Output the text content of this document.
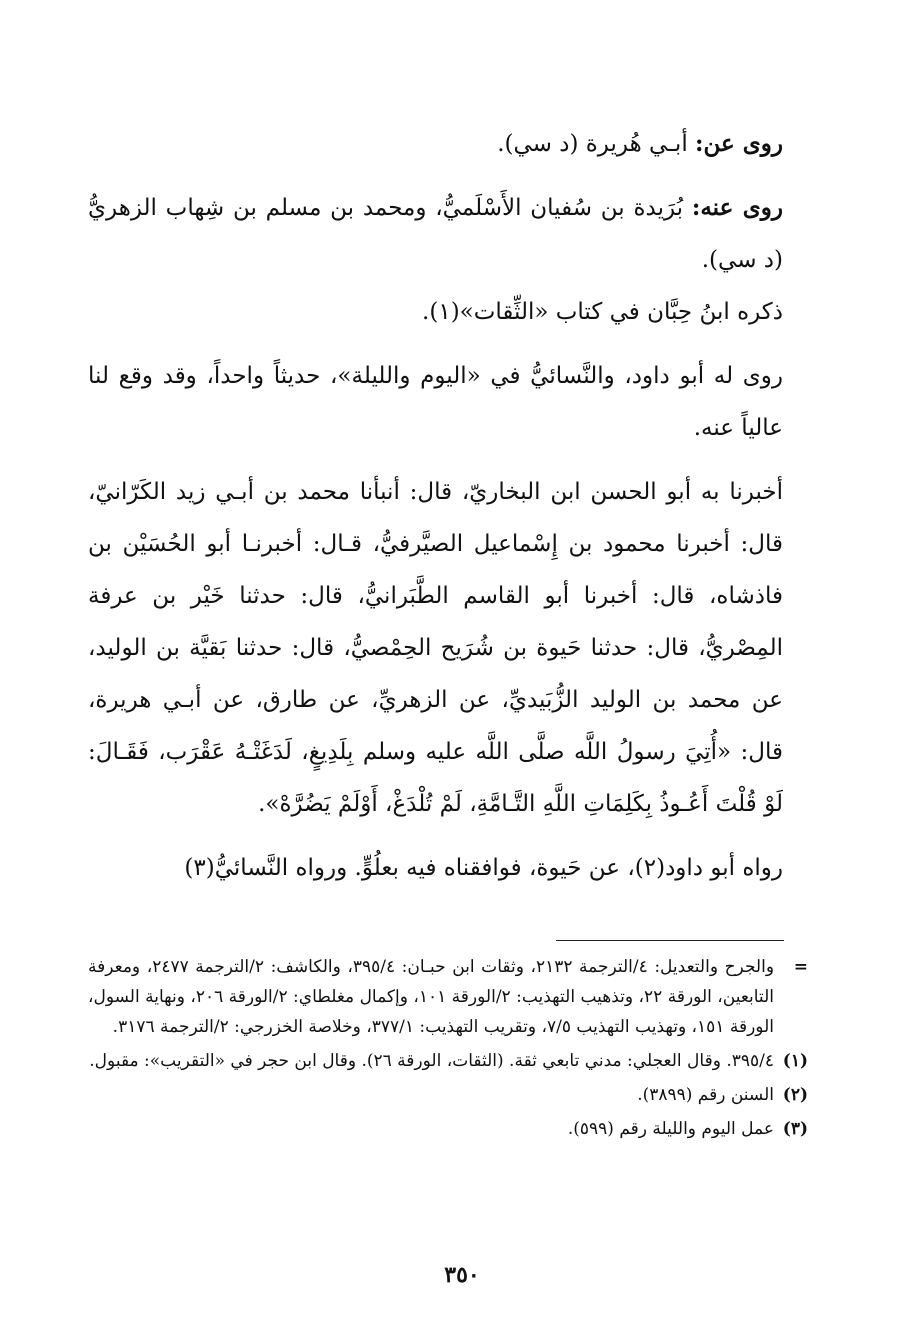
روى عن: أبـي هُريرة (د سي).

روى عنه: بُرَيدة بن سُفيان الأَسْلَميُّ، ومحمد بن مسلم بن شِهاب الزهريُّ (د سي).

ذكره ابنُ حِبَّان في كتاب «الثِّقات»(١).

روى له أبو داود، والنَّسائيُّ في «اليوم والليلة»، حديثاً واحداً، وقد وقع لنا عالياً عنه.

أخبرنا به أبو الحسن ابن البخاريّ، قال: أنبأنا محمد بن أبـي زيد الكَرّانيّ، قال: أخبرنا محمود بن إِسْماعيل الصيَّرفيُّ، قـال: أخبرنـا أبو الحُسَيْن بن فاذشاه، قال: أخبرنا أبو القاسم الطَّبَرانيُّ، قال: حدثنا خَيْر بن عرفة المِصْريُّ، قال: حدثنا حَيوة بن شُرَيح الحِمْصيُّ، قال: حدثنا بَقيَّة بن الوليد، عن محمد بن الوليد الزُّبَيديِّ، عن الزهريِّ، عن طارق، عن أبـي هريرة، قال: «أُتِيَ رسولُ اللَّه صلَّى اللَّه عليه وسلم بِلَدِيغٍ، لَدَغَتْـهُ عَقْرَب، فَقَـالَ: لَوْ قُلْتَ أَعُـوذُ بِكَلِمَاتِ اللَّهِ التَّـامَّةِ، لَمْ تُلْدَغْ، أَوْلَمْ يَضُرَّهْ».

رواه أبو داود(٢)، عن حَيوة، فوافقناه فيه بعلُوٍّ. ورواه النَّسائيُّ(٣)

=
والجرح والتعديل: ٤/الترجمة ٢١٣٢، وثقات ابن حبـان: ٣٩٥/٤، والكاشف: ٢/الترجمة ٢٤٧٧، ومعرفة التابعين، الورقة ٢٢، وتذهيب التهذيب: ٢/الورقة ١٠١، وإكمال مغلطاي: ٢/الورقة ٢٠٦، ونهاية السول، الورقة ١٥١، وتهذيب التهذيب ٧/٥، وتقريب التهذيب: ٣٧٧/١، وخلاصة الخزرجي: ٢/الترجمة ٣١٧٦.
(١)
٣٩٥/٤. وقال العجلي: مدني تابعي ثقة. (الثقات، الورقة ٢٦). وقال ابن حجر في «التقريب»: مقبول.
(٢)
السنن رقم (٣٨٩٩).
(٣)
عمل اليوم والليلة رقم (٥٩٩).
٣٥٠
